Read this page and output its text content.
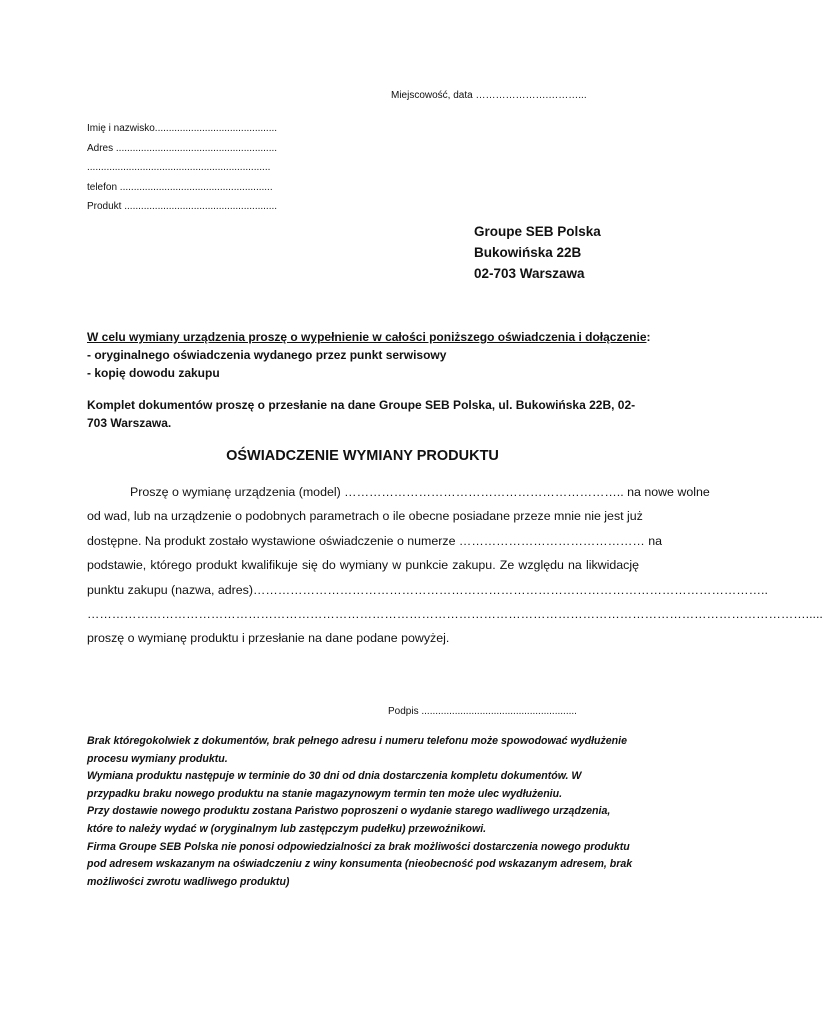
Miejscowość, data ………………….………...
Imię i nazwisko............................................
Adres ..........................................................
..................................................................
telefon .......................................................
Produkt .......................................................
Groupe SEB Polska
Bukowińska 22B
02-703 Warszawa
W celu wymiany urządzenia proszę o wypełnienie w całości poniższego oświadczenia i dołączenie:
- oryginalnego oświadczenia wydanego przez punkt serwisowy
- kopię dowodu zakupu
Komplet dokumentów proszę o przesłanie na dane Groupe SEB Polska, ul. Bukowińska 22B, 02-703 Warszawa.
OŚWIADCZENIE WYMIANY PRODUKTU
Proszę o wymianę urządzenia (model) ………………………………………………………….. na nowe wolne
od wad, lub na urządzenie o podobnych parametrach o ile obecne posiadane przeze mnie nie jest już
dostępne. Na produkt zostało wystawione oświadczenie o numerze ……………………………………… na
podstawie, którego produkt kwalifikuje się do wymiany w punkcie zakupu. Ze względu na likwidację
punktu zakupu (nazwa, adres)……………………………………………………………………………………………………………..
………………………………………………………………………………………………………………………………………………………….....
proszę o wymianę produktu i przesłanie na dane podane powyżej.
Podpis ........................................................
Brak któregokolwiek z dokumentów, brak pełnego adresu i numeru telefonu może spowodować wydłużenie
procesu wymiany produktu.
Wymiana produktu następuje w terminie do 30 dni od dnia dostarczenia kompletu dokumentów. W
przypadku braku nowego produktu na stanie magazynowym termin ten może ulec wydłużeniu.
Przy dostawie nowego produktu zostana Państwo poproszeni o wydanie starego wadliwego urządzenia,
które to należy wydać w (oryginalnym lub zastępczym pudełku) przewoźnikowi.
Firma Groupe SEB Polska nie ponosi odpowiedzialności za brak możliwości dostarczenia nowego produktu
pod adresem wskazanym na oświadczeniu z winy konsumenta (nieobecność pod wskazanym adresem, brak
możliwości zwrotu wadliwego produktu)
